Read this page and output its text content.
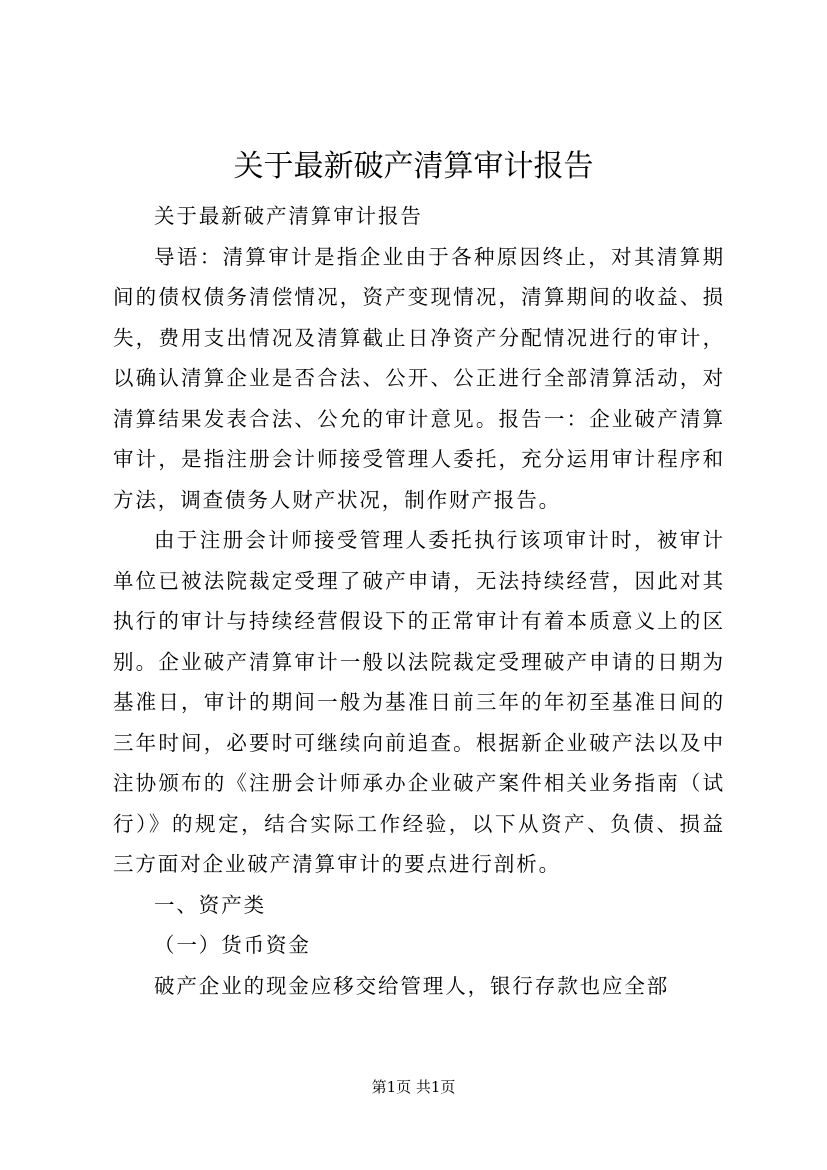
关于最新破产清算审计报告

关于最新破产清算审计报告

导语：清算审计是指企业由于各种原因终止，对其清算期间的债权债务清偿情况，资产变现情况，清算期间的收益、损失，费用支出情况及清算截止日净资产分配情况进行的审计，以确认清算企业是否合法、公开、公正进行全部清算活动，对清算结果发表合法、公允的审计意见。报告一：企业破产清算审计，是指注册会计师接受管理人委托，充分运用审计程序和方法，调查债务人财产状况，制作财产报告。

由于注册会计师接受管理人委托执行该项审计时，被审计单位已被法院裁定受理了破产申请，无法持续经营，因此对其执行的审计与持续经营假设下的正常审计有着本质意义上的区别。企业破产清算审计一般以法院裁定受理破产申请的日期为基准日，审计的期间一般为基准日前三年的年初至基准日间的三年时间，必要时可继续向前追查。根据新企业破产法以及中注协颁布的《注册会计师承办企业破产案件相关业务指南（试行）》的规定，结合实际工作经验，以下从资产、负债、损益三方面对企业破产清算审计的要点进行剖析。

一、资产类

（一）货币资金

破产企业的现金应移交给管理人，银行存款也应全部

第1页 共1页
